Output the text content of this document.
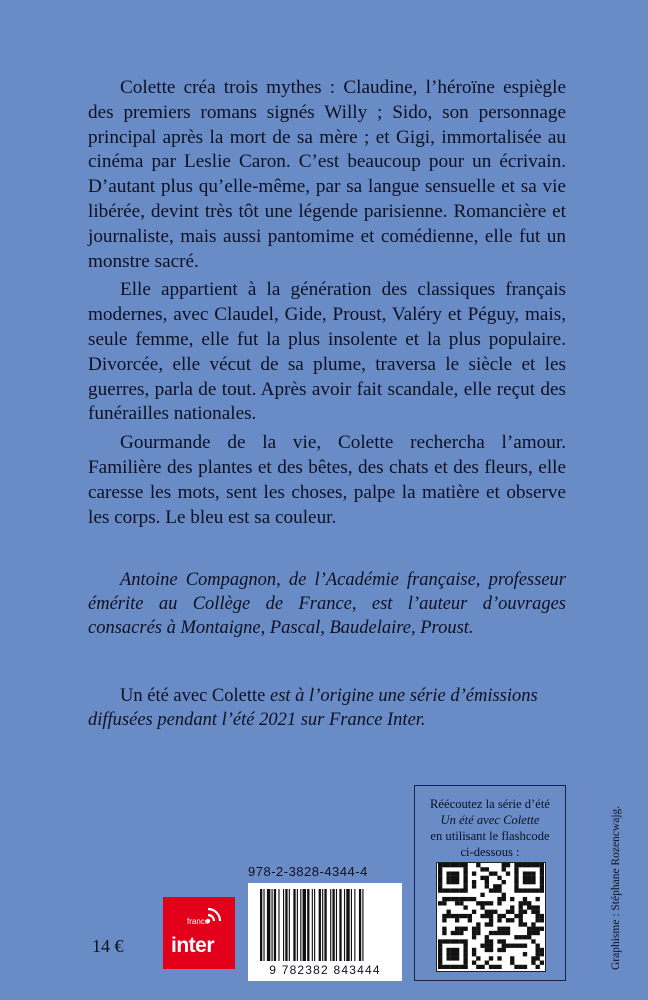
Colette créa trois mythes : Claudine, l’héroïne espiègle des premiers romans signés Willy ; Sido, son personnage principal après la mort de sa mère ; et Gigi, immortalisée au cinéma par Leslie Caron. C’est beaucoup pour un écrivain. D’autant plus qu’elle-même, par sa langue sensuelle et sa vie libérée, devint très tôt une légende parisienne. Romancière et journaliste, mais aussi pantomime et comédienne, elle fut un monstre sacré.

Elle appartient à la génération des classiques français modernes, avec Claudel, Gide, Proust, Valéry et Péguy, mais, seule femme, elle fut la plus insolente et la plus populaire. Divorcée, elle vécut de sa plume, traversa le siècle et les guerres, parla de tout. Après avoir fait scandale, elle reçut des funérailles nationales.

Gourmande de la vie, Colette rechercha l’amour. Familière des plantes et des bêtes, des chats et des fleurs, elle caresse les mots, sent les choses, palpe la matière et observe les corps. Le bleu est sa couleur.

Antoine Compagnon, de l’Académie française, professeur émérite au Collège de France, est l’auteur d’ouvrages consacrés à Montaigne, Pascal, Baudelaire, Proust.

Un été avec Colette est à l’origine une série d’émissions diffusées pendant l’été 2021 sur France Inter.

Réécoutez la série d’été
Un été avec Colette
en utilisant le flashcode
ci-dessous :
978-2-3828-4344-4
9 782382 843444
france
inter
14 €	Graphisme : Stéphane Rozencwajg.
